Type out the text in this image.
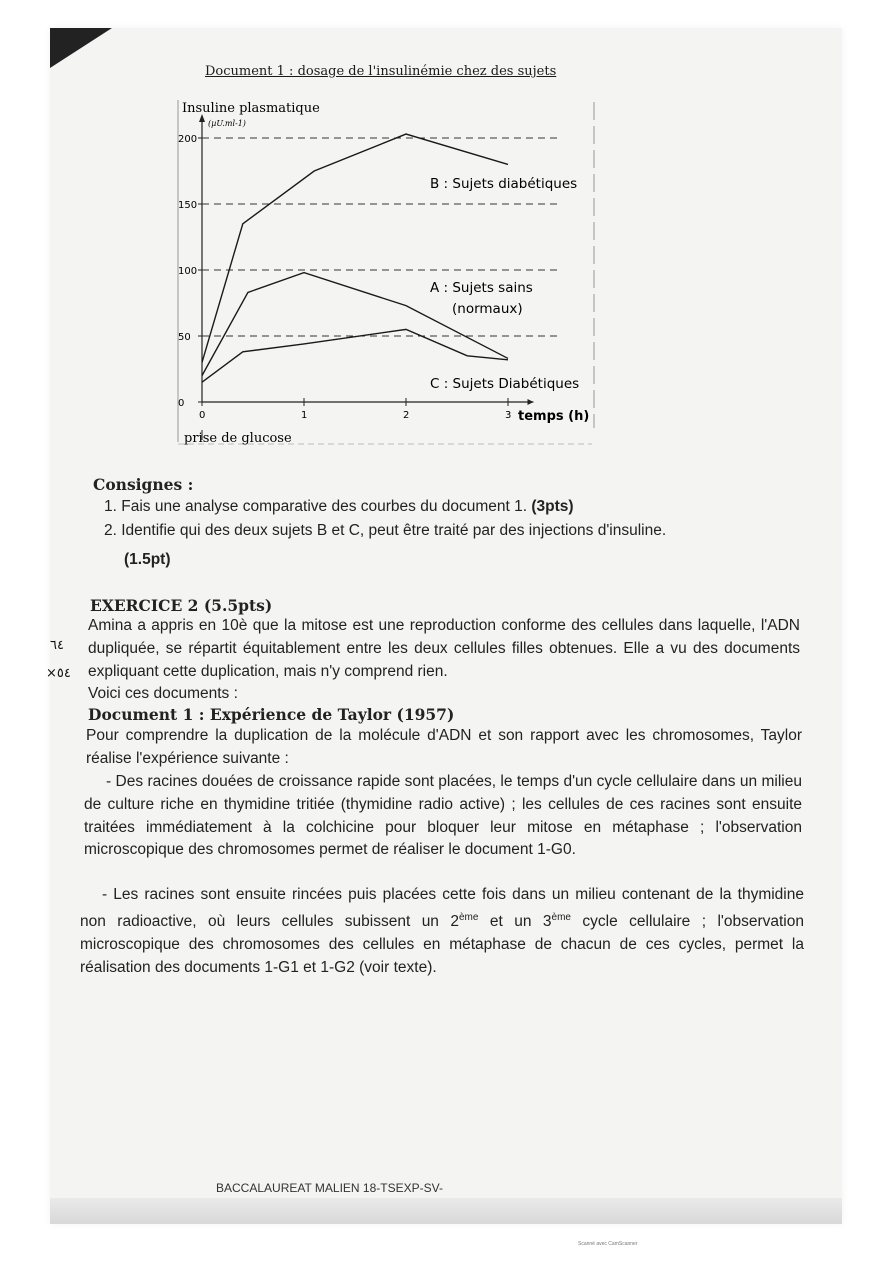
Document 1 : dosage de l'insulinémie chez des sujets
0
50
100
150
200
0	1	2	3
Insuline plasmatique
(µU.ml-1)
temps (h)
prise de glucose
B : Sujets diabétiques
A : Sujets sains
(normaux)
C : Sujets Diabétiques
Consignes :
1. Fais une analyse comparative des courbes du document 1. (3pts)
2. Identifie qui des deux sujets B et C, peut être traité par des injections d'insuline.
(1.5pt)
EXERCICE 2 (5.5pts)
Amina a appris en 10è que la mitose est une reproduction conforme des cellules dans laquelle, l'ADN dupliquée, se répartit équitablement entre les deux cellules filles obtenues. Elle a vu des documents expliquant cette duplication, mais n'y comprend rien.
Voici ces documents :
Document 1 : Expérience de Taylor (1957)
Pour comprendre la duplication de la molécule d'ADN et son rapport avec les chromosomes, Taylor réalise l'expérience suivante :
- Des racines douées de croissance rapide sont placées, le temps d'un cycle cellulaire dans un milieu de culture riche en thymidine tritiée (thymidine radio active) ; les cellules de ces racines sont ensuite traitées immédiatement à la colchicine pour bloquer leur mitose en métaphase ; l'observation microscopique des chromosomes permet de réaliser le document 1-G0.
- Les racines sont ensuite rincées puis placées cette fois dans un milieu contenant de la thymidine non radioactive, où leurs cellules subissent un 2ème et un 3ème cycle cellulaire ; l'observation microscopique des chromosomes des cellules en métaphase de chacun de ces cycles, permet la réalisation des documents 1-G1 et 1-G2 (voir texte).
٦٤
×٥٤
BACCALAUREAT MALIEN 18-TSEXP-SV-
Scanné avec CamScanner
